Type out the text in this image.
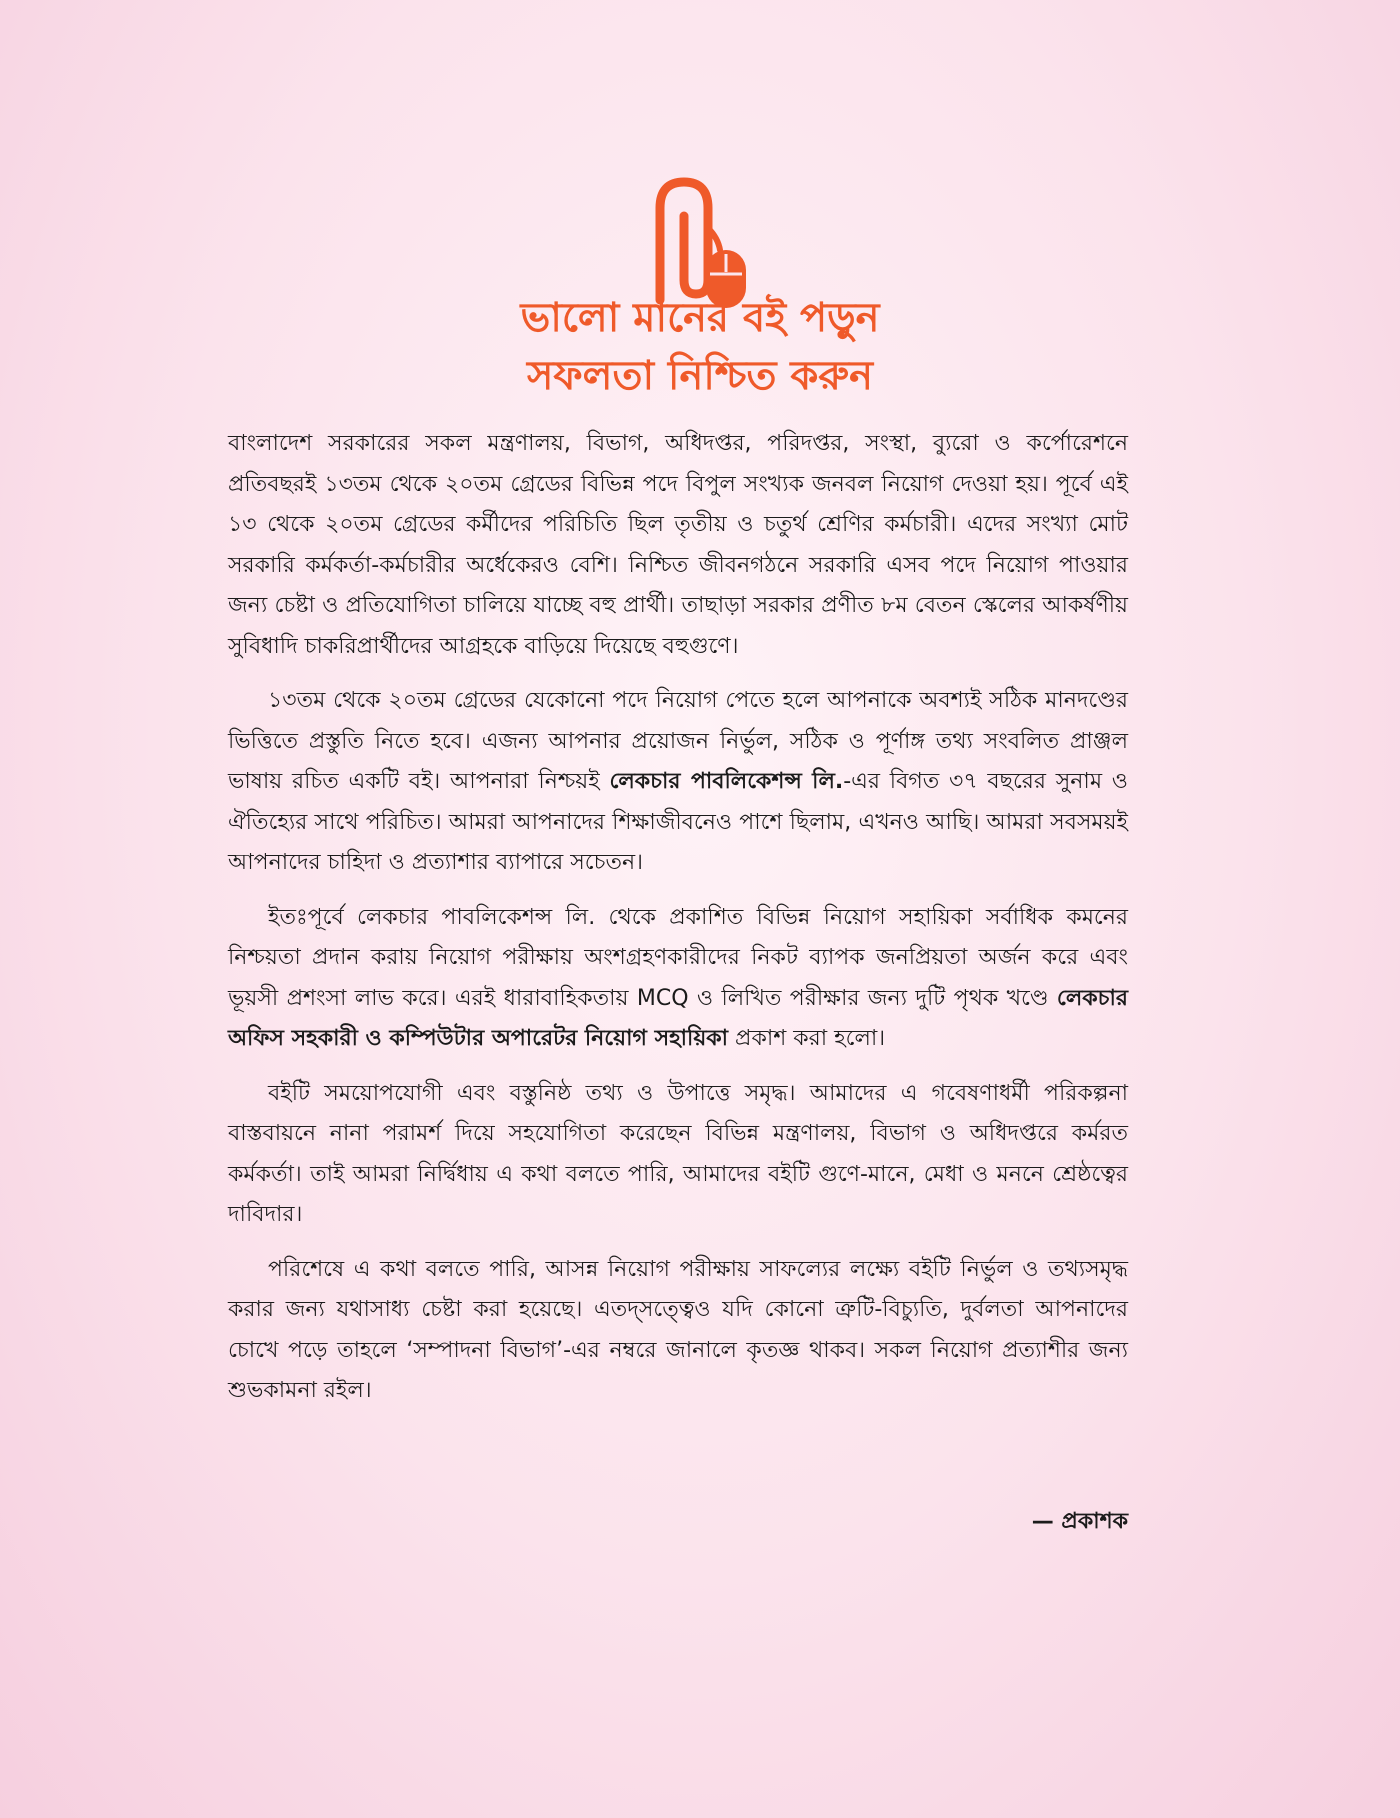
ভালো মানের বই পড়ুন
সফলতা নিশ্চিত করুন

বাংলাদেশ সরকারের সকল মন্ত্রণালয়, বিভাগ, অধিদপ্তর, পরিদপ্তর, সংস্থা, ব্যুরো ও কর্পোরেশনে প্রতিবছরই ১৩তম থেকে ২০তম গ্রেডের বিভিন্ন পদে বিপুল সংখ্যক জনবল নিয়োগ দেওয়া হয়। পূর্বে এই ১৩ থেকে ২০তম গ্রেডের কর্মীদের পরিচিতি ছিল তৃতীয় ও চতুর্থ শ্রেণির কর্মচারী। এদের সংখ্যা মোট সরকারি কর্মকর্তা-কর্মচারীর অর্ধেকেরও বেশি। নিশ্চিত জীবনগঠনে সরকারি এসব পদে নিয়োগ পাওয়ার জন্য চেষ্টা ও প্রতিযোগিতা চালিয়ে যাচ্ছে বহু প্রার্থী। তাছাড়া সরকার প্রণীত ৮ম বেতন স্কেলের আকর্ষণীয় সুবিধাদি চাকরিপ্রার্থীদের আগ্রহকে বাড়িয়ে দিয়েছে বহুগুণে।

১৩তম থেকে ২০তম গ্রেডের যেকোনো পদে নিয়োগ পেতে হলে আপনাকে অবশ্যই সঠিক মানদণ্ডের ভিত্তিতে প্রস্তুতি নিতে হবে। এজন্য আপনার প্রয়োজন নির্ভুল, সঠিক ও পূর্ণাঙ্গ তথ্য সংবলিত প্রাঞ্জল ভাষায় রচিত একটি বই। আপনারা নিশ্চয়ই লেকচার পাবলিকেশন্স লি.-এর বিগত ৩৭ বছরের সুনাম ও ঐতিহ্যের সাথে পরিচিত। আমরা আপনাদের শিক্ষাজীবনেও পাশে ছিলাম, এখনও আছি। আমরা সবসময়ই আপনাদের চাহিদা ও প্রত্যাশার ব্যাপারে সচেতন।

ইতঃপূর্বে লেকচার পাবলিকেশন্স লি. থেকে প্রকাশিত বিভিন্ন নিয়োগ সহায়িকা সর্বাধিক কমনের নিশ্চয়তা প্রদান করায় নিয়োগ পরীক্ষায় অংশগ্রহণকারীদের নিকট ব্যাপক জনপ্রিয়তা অর্জন করে এবং ভূয়সী প্রশংসা লাভ করে। এরই ধারাবাহিকতায় MCQ ও লিখিত পরীক্ষার জন্য দুটি পৃথক খণ্ডে লেকচার অফিস সহকারী ও কম্পিউটার অপারেটর নিয়োগ সহায়িকা প্রকাশ করা হলো।

বইটি সময়োপযোগী এবং বস্তুনিষ্ঠ তথ্য ও উপাত্তে সমৃদ্ধ। আমাদের এ গবেষণাধর্মী পরিকল্পনা বাস্তবায়নে নানা পরামর্শ দিয়ে সহযোগিতা করেছেন বিভিন্ন মন্ত্রণালয়, বিভাগ ও অধিদপ্তরে কর্মরত কর্মকর্তা। তাই আমরা নির্দ্বিধায় এ কথা বলতে পারি, আমাদের বইটি গুণে-মানে, মেধা ও মননে শ্রেষ্ঠত্বের দাবিদার।

পরিশেষে এ কথা বলতে পারি, আসন্ন নিয়োগ পরীক্ষায় সাফল্যের লক্ষ্যে বইটি নির্ভুল ও তথ্যসমৃদ্ধ করার জন্য যথাসাধ্য চেষ্টা করা হয়েছে। এতদ্সত্ত্বেও যদি কোনো ত্রুটি-বিচ্যুতি, দুর্বলতা আপনাদের চোখে পড়ে তাহলে ‘সম্পাদনা বিভাগ’-এর নম্বরে জানালে কৃতজ্ঞ থাকব। সকল নিয়োগ প্রত্যাশীর জন্য শুভকামনা রইল।

— প্রকাশক
